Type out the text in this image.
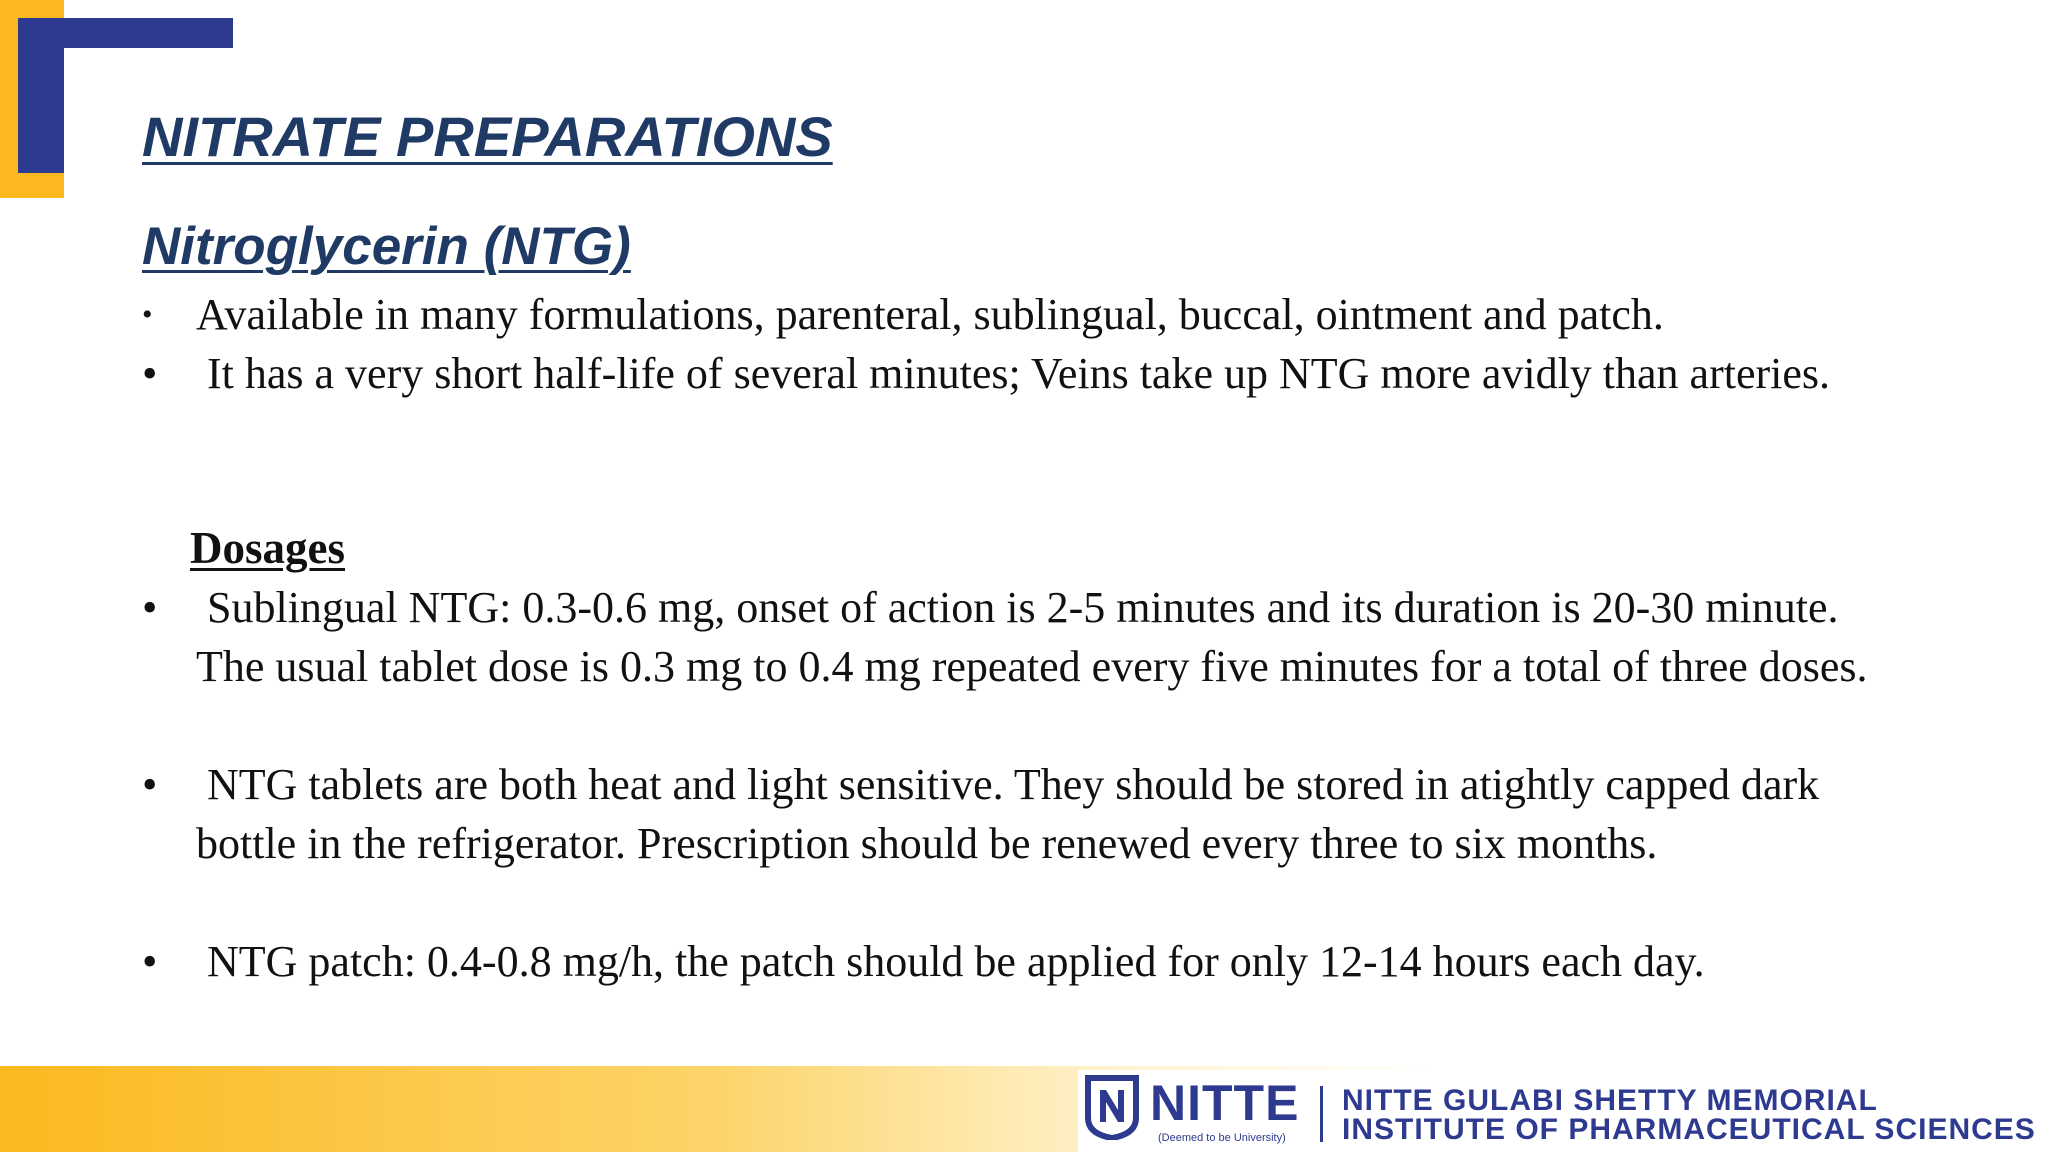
NITRATE PREPARATIONS
Nitroglycerin (NTG)
• Available in many formulations, parenteral, sublingual, buccal, ointment and patch.
• It has a very short half-life of several minutes; Veins take up NTG more avidly than arteries.
Dosages
• Sublingual NTG: 0.3-0.6 mg, onset of action is 2-5 minutes and its duration is 20-30 minute. The usual tablet dose is 0.3 mg to 0.4 mg repeated every five minutes for a total of three doses.
• NTG tablets are both heat and light sensitive. They should be stored in atightly capped dark bottle in the refrigerator. Prescription should be renewed every three to six months.
• NTG patch: 0.4-0.8 mg/h, the patch should be applied for only 12-14 hours each day.
NITTE
(Deemed to be University)
NITTE GULABI SHETTY MEMORIAL
INSTITUTE OF PHARMACEUTICAL SCIENCES
